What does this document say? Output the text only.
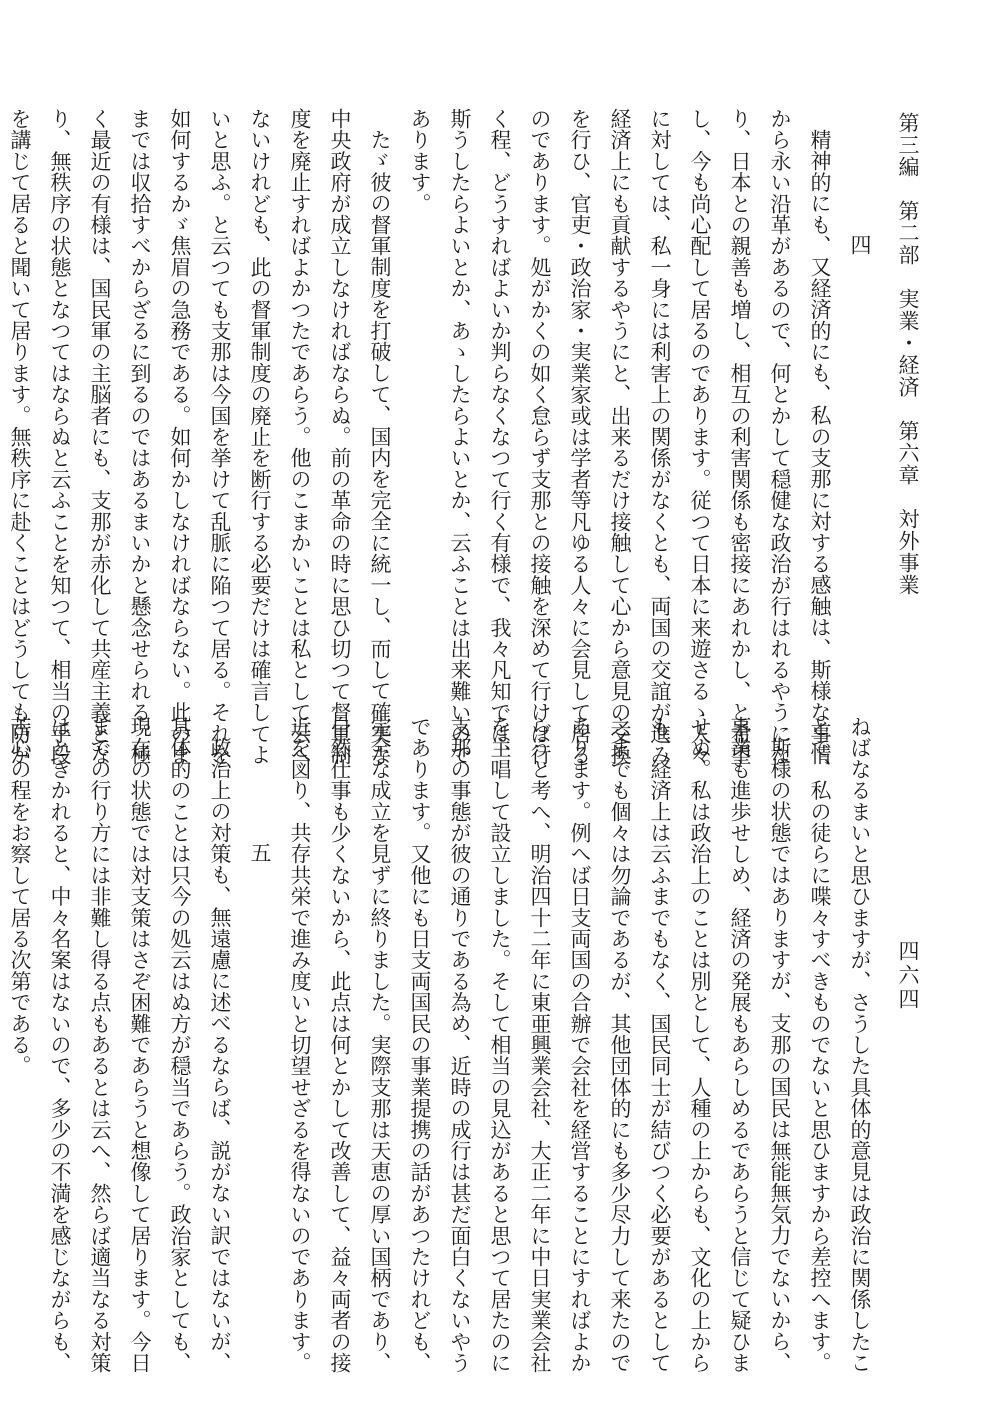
第三編　第二部　実業・経済　第六章　対外事業
四六四

四

精神的にも、又経済的にも、私の支那に対する感触は、斯様な事情

から永い沿革があるので、何とかして穏健な政治が行はれるやうにな

り、日本との親善も増し、相互の利害関係も密接にあれかし、と希望

し、今も尚心配して居るのであります。従つて日本に来遊さるゝ人々

に対しては、私一身には利害上の関係がなくとも、両国の交誼が進み

経済上にも貢献するやうにと、出来るだけ接触して心から意見の交換

を行ひ、官吏・政治家・実業家或は学者等凡ゆる人々に会見して居る

のであります。処がかくの如く怠らず支那との接触を深めて行けば行

く程、どうすればよいか判らなくなつて行く有様で、我々凡知では、

斯うしたらよいとか、あゝしたらよいとか、云ふことは出来難いので

あります。

たゞ彼の督軍制度を打破して、国内を完全に統一し、而して確実な

中央政府が成立しなければならぬ。前の革命の時に思ひ切つて督軍制

度を廃止すればよかつたであらう。他のこまかいことは私として云へ

ないけれども、此の督軍制度の廃止を断行する必要だけは確言してよ

いと思ふ。と云つても支那は今国を挙けて乱脈に陥つて居る。それを

如何するかゞ焦眉の急務である。如何かしなければならない。此のま

までは収拾すべからざるに到るのではあるまいかと懸念せられる。極

く最近の有様は、国民軍の主脳者にも、支那が赤化して共産主義とな

り、無秩序の状態となつてはならぬと云ふことを知つて、相当の手段

を講じて居ると聞いて居ります。無秩序に赴くことはどうしても防が

ねばなるまいと思ひますが、さうした具体的意見は政治に関係したこ

とで、私の徒らに喋々すべきものでないと思ひますから差控へます。

斯様の状態ではありますが、支那の国民は無能無気力でないから、

事業も進歩せしめ、経済の発展もあらしめるであらうと信じて疑ひま

せぬ。私は政治上のことは別として、人種の上からも、文化の上から

も、経済上は云ふまでもなく、国民同士が結びつく必要があるとして

之までも個々は勿論であるが、其他団体的にも多少尽力して来たので

あります。例へば日支両国の合辦で会社を経営することにすればよか

らうと考へ、明治四十二年に東亜興業会社、大正二年に中日実業会社

を主唱して設立しました。そして相当の見込があると思つて居たのに

支那の事態が彼の通りである為め、近時の成行は甚だ面白くないやう

であります。又他にも日支両国民の事業提携の話があつたけれども、

完全な成立を見ずに終りました。実際支那は天恵の厚い国柄であり、

自然仕事も少くないから、此点は何とかして改善して、益々両者の接

近を図り、共存共栄で進み度いと切望せざるを得ないのであります。

五

政治上の対策も、無遠慮に述べるならば、説がない訳ではないが、

具体的のことは只今の処云はぬ方が穏当であらう。政治家としても、

現在の状態では対支策はさぞ困難であらうと想像して居ります。今日

までの行り方には非難し得る点もあるとは云へ、然らば適当なる対策

はときかれると、中々名案はないので、多少の不満を感じながらも、

苦心の程をお察して居る次第である。
